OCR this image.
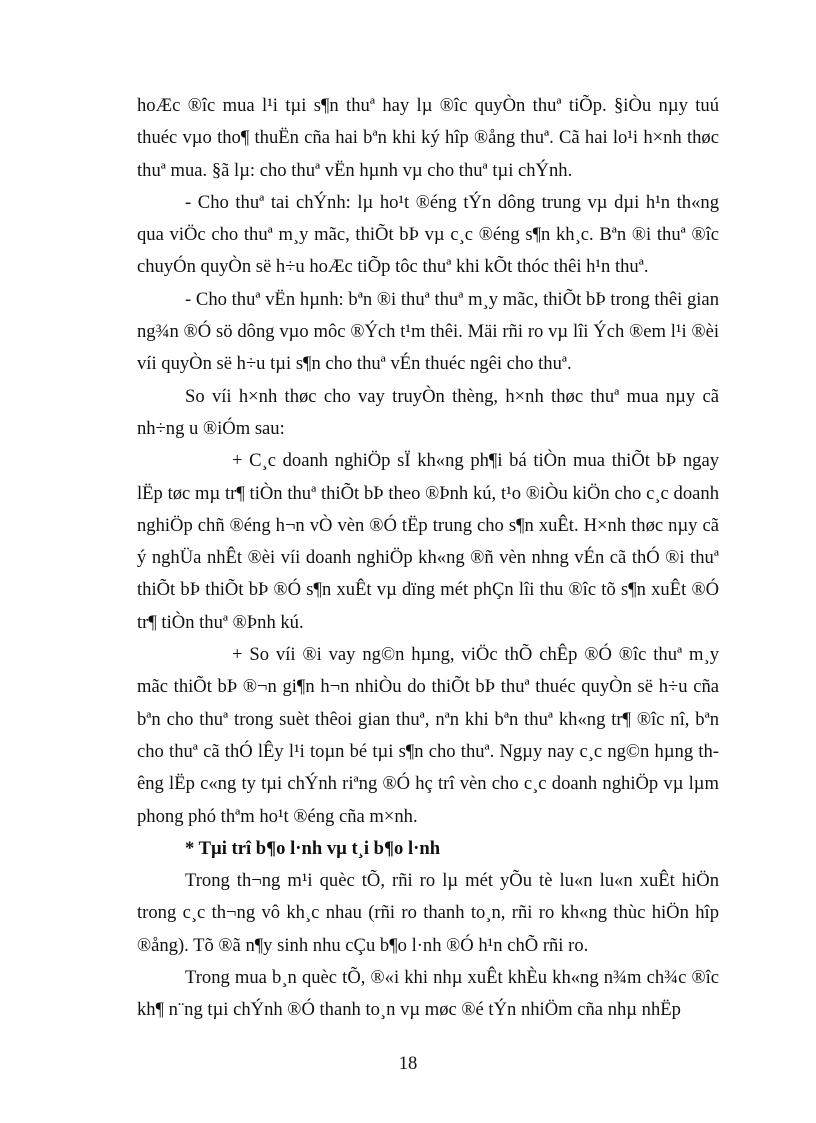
hoÆc ®îc mua l¹i tµi s¶n thuª hay lµ ®îc quyÒn thuª tiÕp. §iÒu nµy tuú thuéc vµo tho¶ thuËn cña hai bªn khi ký hîp ®ång thuª. Cã hai lo¹i h×nh thøc thuª mua. §ã lµ: cho thuª vËn hµnh vµ cho thuª tµi chÝnh.

- Cho thuª tai chÝnh: lµ ho¹t ®éng tÝn dông trung vµ dµi h¹n th«ng qua viÖc cho thuª m¸y mãc, thiÕt bÞ vµ c¸c ®éng s¶n kh¸c. Bªn ®i thuª ®îc chuyÓn quyÒn së h÷u hoÆc tiÕp tôc thuª khi kÕt thóc thêi h¹n thuª.

- Cho thuª vËn hµnh: bªn ®i thuª thuª m¸y mãc, thiÕt bÞ trong thêi gian ng¾n ®Ó sö dông vµo môc ®Ých t¹m thêi. Mäi rñi ro vµ lîi Ých ®em l¹i ®èi víi quyÒn së h÷u tµi s¶n cho thuª vÉn thuéc ngêi cho thuª.

So víi h×nh thøc cho vay truyÒn thèng, h×nh thøc thuª mua nµy cã nh÷ng u ®iÓm sau:

+ C¸c doanh nghiÖp sÏ kh«ng ph¶i bá tiÒn mua thiÕt bÞ ngay lËp tøc mµ tr¶ tiÒn thuª thiÕt bÞ theo ®Þnh kú, t¹o ®iÒu kiÖn cho c¸c doanh nghiÖp chñ ®éng h¬n vÒ vèn ®Ó tËp trung cho s¶n xuÊt. H×nh thøc nµy cã ý nghÜa nhÊt ®èi víi doanh nghiÖp kh«ng ®ñ vèn nhng vÉn cã thÓ ®i thuª thiÕt bÞ thiÕt bÞ ®Ó s¶n xuÊt vµ dïng mét phÇn lîi thu ®îc tõ s¶n xuÊt ®Ó tr¶ tiÒn thuª ®Þnh kú.

+ So víi ®i vay ng©n hµng, viÖc thÕ chÊp ®Ó ®îc thuª m¸y mãc thiÕt bÞ ®¬n gi¶n h¬n nhiÒu do thiÕt bÞ thuª thuéc quyÒn së h÷u cña bªn cho thuª trong suèt thêoi gian thuª, nªn khi bªn thuª kh«ng tr¶ ®îc nî, bªn cho thuª cã thÓ lÊy l¹i toµn bé tµi s¶n cho thuª. Ngµy nay c¸c ng©n hµng thêng lËp c«ng ty tµi chÝnh riªng ®Ó hç trî vèn cho c¸c doanh nghiÖp vµ lµm phong phó thªm ho¹t ®éng cña m×nh.

* Tµi trî b¶o l·nh vµ t¸i b¶o l·nh

Trong th¬ng m¹i quèc tÕ, rñi ro lµ mét yÕu tè lu«n lu«n xuÊt hiÖn trong c¸c th¬ng vô kh¸c nhau (rñi ro thanh to¸n, rñi ro kh«ng thùc hiÖn hîp ®ång). Tõ ®ã n¶y sinh nhu cÇu b¶o l·nh ®Ó h¹n chÕ rñi ro.

Trong mua b¸n quèc tÕ, ®«i khi nhµ xuÊt khÈu kh«ng n¾m ch¾c ®îc kh¶ n¨ng tµi chÝnh ®Ó thanh to¸n vµ møc ®é tÝn nhiÖm cña nhµ nhËp

18
